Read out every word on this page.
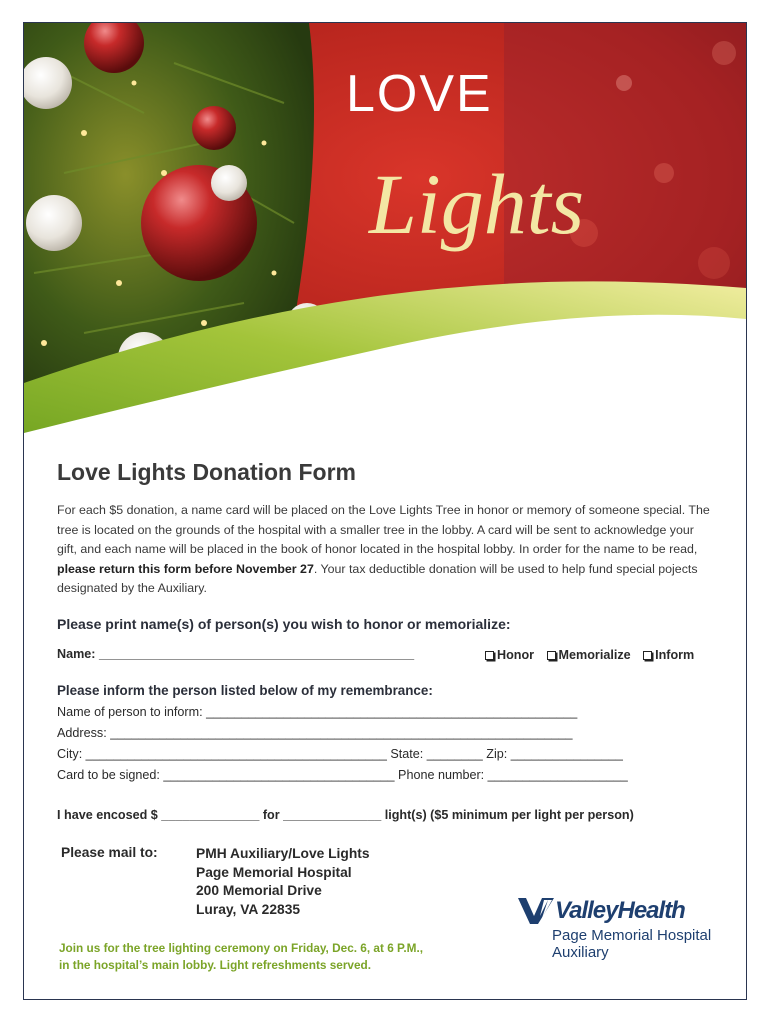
LOVE
Lights
Love Lights Donation Form
For each $5 donation, a name card will be placed on the Love Lights Tree in honor or memory of someone special. The tree is located on the grounds of the hospital with a smaller tree in the lobby. A card will be sent to acknowledge your gift, and each name will be placed in the book of honor located in the hospital lobby. In order for the name to be read, please return this form before November 27. Your tax deductible donation will be used to help fund special pojects designated by the Auxiliary.
Please print name(s) of person(s) you wish to honor or memorialize:
Name: _____________________________________________	Honor Memorialize Inform
Please inform the person listed below of my remembrance:
Name of person to inform: _____________________________________________________
Address: __________________________________________________________________
City: ___________________________________________ State: ________ Zip: ________________
Card to be signed: _________________________________ Phone number: ____________________
I have encosed $ ______________ for ______________ light(s) ($5 minimum per light per person)
Please mail to:	PMH Auxiliary/Love Lights
Page Memorial Hospital
200 Memorial Drive
Luray, VA 22835
Join us for the tree lighting ceremony on Friday, Dec. 6, at 6 P.M.,
in the hospital’s main lobby. Light refreshments served.
ValleyHealth
Page Memorial Hospital
Auxiliary
